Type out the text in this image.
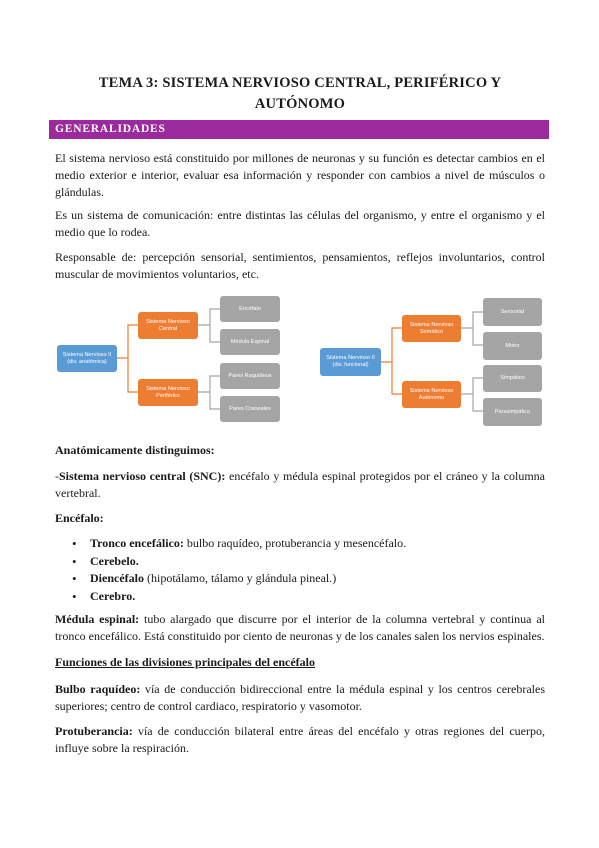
TEMA 3: SISTEMA NERVIOSO CENTRAL, PERIFÉRICO Y
AUTÓNOMO
GENERALIDADES

El sistema nervioso está constituido por millones de neuronas y su función es detectar cambios en el medio exterior e interior, evaluar esa información y responder con cambios a nivel de músculos o glándulas.

Es un sistema de comunicación: entre distintas las células del organismo, y entre el organismo y el medio que lo rodea.

Responsable de: percepción sensorial, sentimientos, pensamientos, reflejos involuntarios, control muscular de movimientos voluntarios, etc.

Sistema Nervioso II
(div. anatómica)
Sistema Nervioso Central
Sistema Nervioso Periférico
Encéfalo
Médula Espinal
Pares Raquídeos
Pares Craneales
Sistema Nervioso II
(div. funcional)
Sistema Nervioso Somático
Sistema Nervioso Autónomo
Sensorial
Motor
Simpático
Parasimpático

Anatómicamente distinguimos:

-Sistema nervioso central (SNC): encéfalo y médula espinal protegidos por el cráneo y la columna vertebral.

Encéfalo:

• Tronco encefálico: bulbo raquídeo, protuberancia y mesencéfalo.
• Cerebelo.
• Diencéfalo (hipotálamo, tálamo y glándula pineal.)
• Cerebro.

Médula espinal: tubo alargado que discurre por el interior de la columna vertebral y continua al tronco encefálico. Está constituido por ciento de neuronas y de los canales salen los nervios espinales.

Funciones de las divisiones principales del encéfalo

Bulbo raquídeo: vía de conducción bidireccional entre la médula espinal y los centros cerebrales superiores; centro de control cardiaco, respiratorio y vasomotor.

Protuberancia: vía de conducción bilateral entre áreas del encéfalo y otras regiones del cuerpo, influye sobre la respiración.
